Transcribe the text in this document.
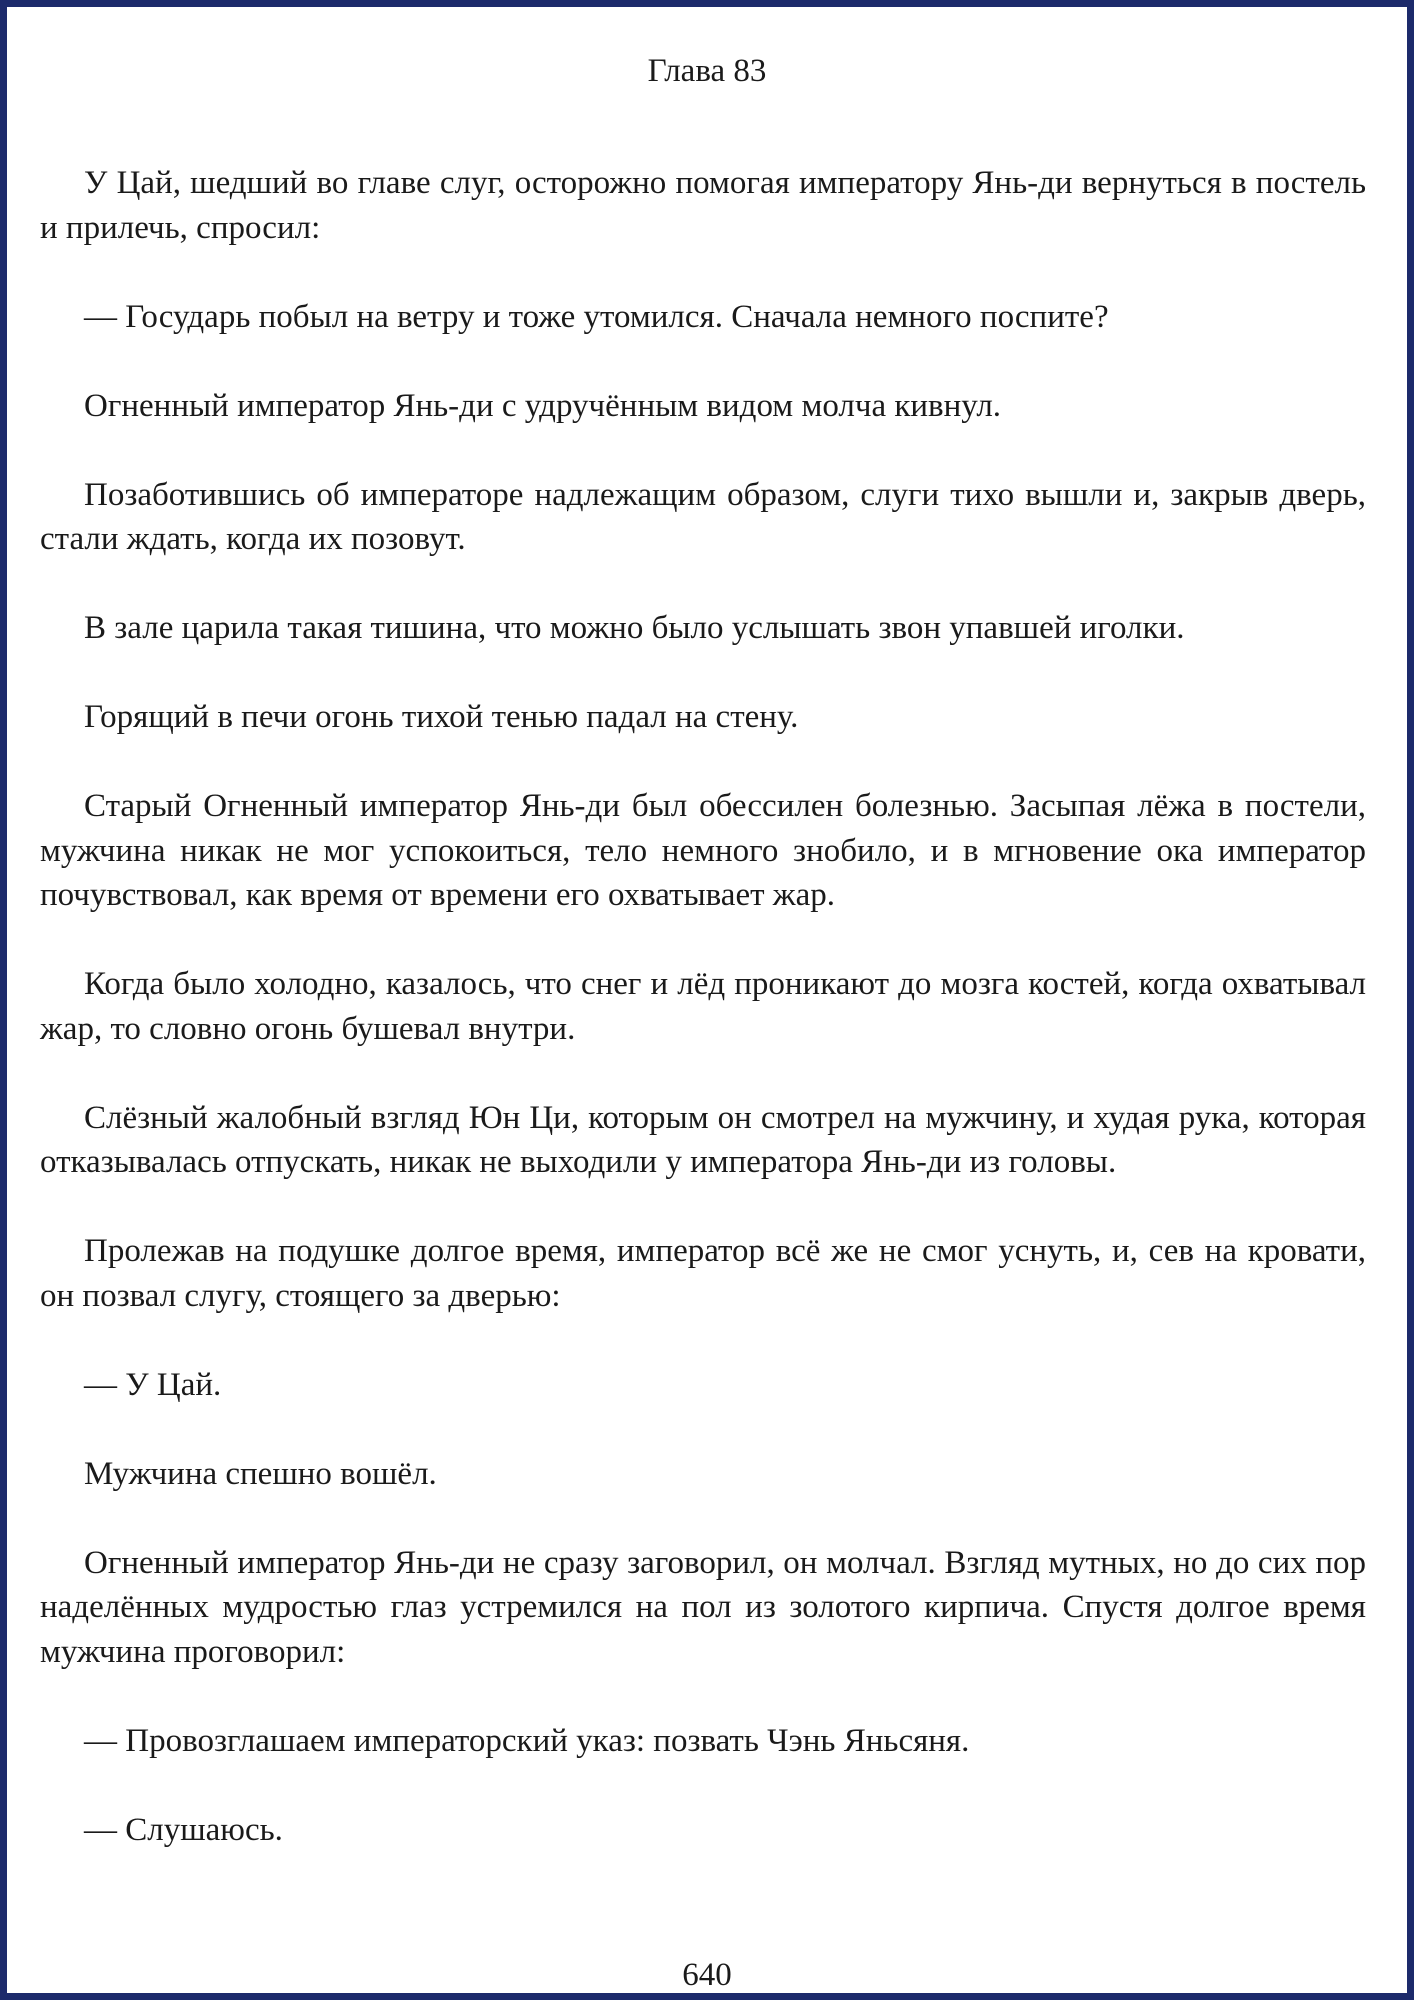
Глава 83

У Цай, шедший во главе слуг, осторожно помогая императору Янь-ди вернуться в постель и прилечь, спросил:

— Государь побыл на ветру и тоже утомился. Сначала немного поспите?

Огненный император Янь-ди с удручённым видом молча кивнул.

Позаботившись об императоре надлежащим образом, слуги тихо вышли и, закрыв дверь, стали ждать, когда их позовут.

В зале царила такая тишина, что можно было услышать звон упавшей иголки.

Горящий в печи огонь тихой тенью падал на стену.

Старый Огненный император Янь-ди был обессилен болезнью. Засыпая лёжа в постели, мужчина никак не мог успокоиться, тело немного знобило, и в мгновение ока император почувствовал, как время от времени его охватывает жар.

Когда было холодно, казалось, что снег и лёд проникают до мозга костей, когда охватывал жар, то словно огонь бушевал внутри.

Слёзный жалобный взгляд Юн Ци, которым он смотрел на мужчину, и худая рука, которая отказывалась отпускать, никак не выходили у императора Янь-ди из головы.

Пролежав на подушке долгое время, император всё же не смог уснуть, и, сев на кровати, он позвал слугу, стоящего за дверью:

— У Цай.

Мужчина спешно вошёл.

Огненный император Янь-ди не сразу заговорил, он молчал. Взгляд мутных, но до сих пор наделённых мудростью глаз устремился на пол из золотого кирпича. Спустя долгое время мужчина проговорил:

— Провозглашаем императорский указ: позвать Чэнь Яньсяня.

— Слушаюсь.

640
